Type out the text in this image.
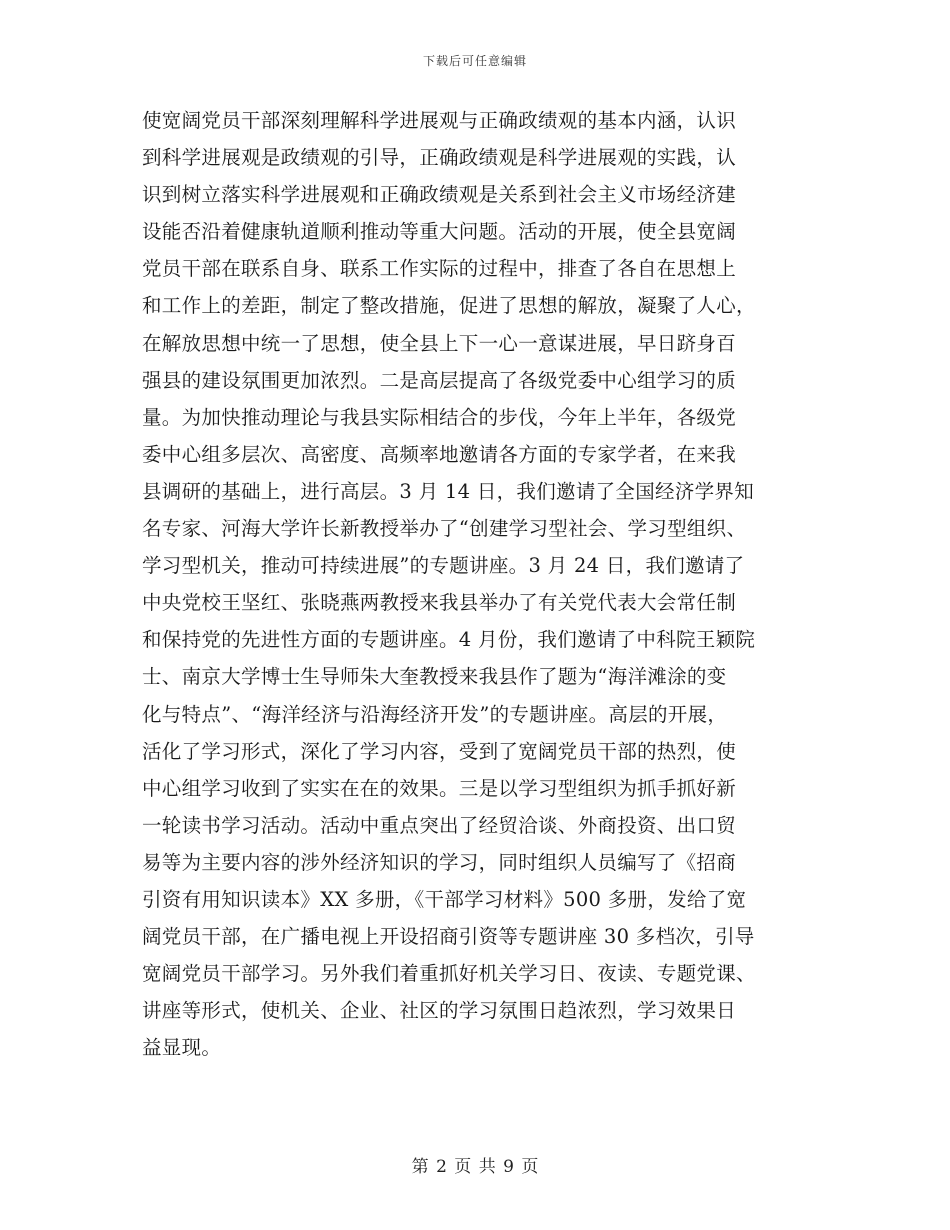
下载后可任意编辑
使宽阔党员干部深刻理解科学进展观与正确政绩观的基本内涵，认识
到科学进展观是政绩观的引导，正确政绩观是科学进展观的实践，认
识到树立落实科学进展观和正确政绩观是关系到社会主义市场经济建
设能否沿着健康轨道顺利推动等重大问题。活动的开展，使全县宽阔
党员干部在联系自身、联系工作实际的过程中，排查了各自在思想上
和工作上的差距，制定了整改措施，促进了思想的解放，凝聚了人心，
在解放思想中统一了思想，使全县上下一心一意谋进展，早日跻身百
强县的建设氛围更加浓烈。二是高层提高了各级党委中心组学习的质
量。为加快推动理论与我县实际相结合的步伐，今年上半年，各级党
委中心组多层次、高密度、高频率地邀请各方面的专家学者，在来我
县调研的基础上，进行高层。3 月 14 日，我们邀请了全国经济学界知
名专家、河海大学许长新教授举办了“创建学习型社会、学习型组织、
学习型机关，推动可持续进展”的专题讲座。3 月 24 日，我们邀请了
中央党校王坚红、张晓燕两教授来我县举办了有关党代表大会常任制
和保持党的先进性方面的专题讲座。4 月份，我们邀请了中科院王颖院
士、南京大学博士生导师朱大奎教授来我县作了题为“海洋滩涂的变
化与特点”、“海洋经济与沿海经济开发”的专题讲座。高层的开展，
活化了学习形式，深化了学习内容，受到了宽阔党员干部的热烈，使
中心组学习收到了实实在在的效果。三是以学习型组织为抓手抓好新
一轮读书学习活动。活动中重点突出了经贸洽谈、外商投资、出口贸
易等为主要内容的涉外经济知识的学习，同时组织人员编写了《招商
引资有用知识读本》XX 多册，《干部学习材料》500 多册，发给了宽
阔党员干部，在广播电视上开设招商引资等专题讲座 30 多档次，引导
宽阔党员干部学习。另外我们着重抓好机关学习日、夜读、专题党课、
讲座等形式，使机关、企业、社区的学习氛围日趋浓烈，学习效果日
益显现。
第 2 页 共 9 页
